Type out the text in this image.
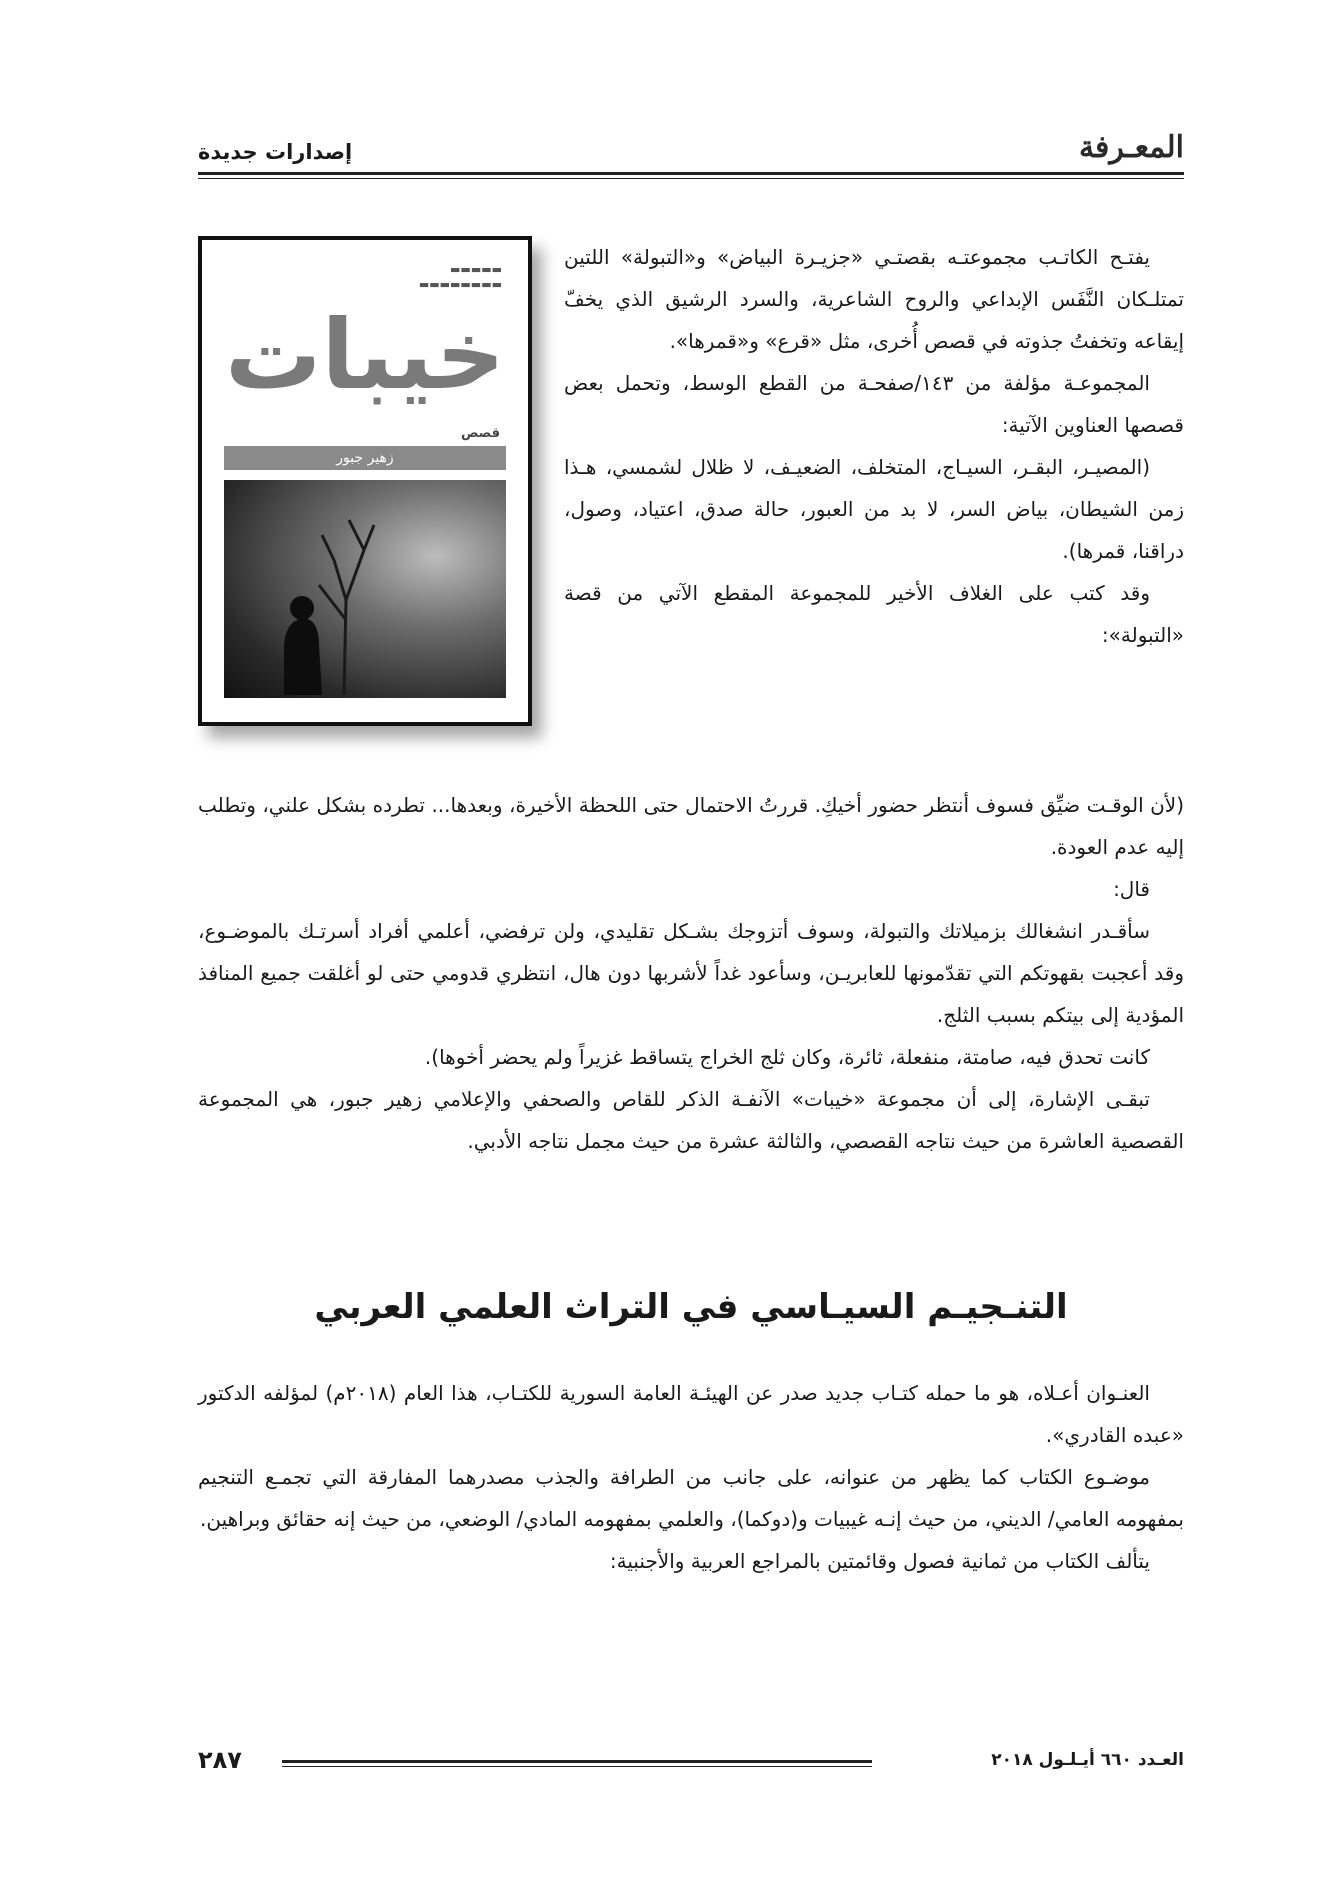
المعـرفة
إصدارات جديدة
▬▬▬▬▬
▬▬▬▬▬▬▬▬
خيبات
قصص
زهير جبور

يفتـح الكاتـب مجموعتـه بقصتـي «جزيـرة البياض» و«التبولة» اللتين تمتلـكان النَّفَس الإبداعي والروح الشاعرية، والسرد الرشيق الذي يخفّ إيقاعه وتخفتُ جذوته في قصص أُخرى، مثل «قرع» و«قمرها».

المجموعـة مؤلفة من ١٤٣/صفحـة من القطع الوسط، وتحمل بعض قصصها العناوين الآتية:

(المصيـر، البقـر، السيـاج، المتخلف، الضعيـف، لا ظلال لشمسي، هـذا زمن الشيطان، بياض السر، لا بد من العبور، حالة صدق، اعتياد، وصول، دراقنا، قمرها).

وقد كتب على الغلاف الأخير للمجموعة المقطع الآتي من قصة «التبولة»:

(لأن الوقـت ضيِّق فسوف أنتظر حضور أخيكِ. قررتُ الاحتمال حتى اللحظة الأخيرة، وبعدها... تطرده بشكل علني، وتطلب إليه عدم العودة.

قال:

سأقـدر انشغالك بزميلاتك والتبولة، وسوف أتزوجك بشـكل تقليدي، ولن ترفضي، أعلمي أفراد أسرتـك بالموضـوع، وقد أعجبت بقهوتكم التي تقدّمونها للعابريـن، وسأعود غداً لأشربها دون هال، انتظري قدومي حتى لو أغلقت جميع المنافذ المؤدية إلى بيتكم بسبب الثلج.

كانت تحدق فيه، صامتة، منفعلة، ثائرة، وكان ثلج الخراج يتساقط غزيراً ولم يحضر أخوها).

تبقـى الإشارة، إلى أن مجموعة «خيبات» الآنفـة الذكر للقاص والصحفي والإعلامي زهير جبور، هي المجموعة القصصية العاشرة من حيث نتاجه القصصي، والثالثة عشرة من حيث مجمل نتاجه الأدبي.

التنـجيـم السيـاسي في التراث العلمي العربي

العنـوان أعـلاه، هو ما حمله كتـاب جديد صدر عن الهيئـة العامة السورية للكتـاب، هذا العام (٢٠١٨م) لمؤلفه الدكتور «عبده القادري».

موضـوع الكتاب كما يظهر من عنوانه، على جانب من الطرافة والجذب مصدرهما المفارقة التي تجمـع التنجيم بمفهومه العامي/ الديني، من حيث إنـه غيبيات و(دوكما)، والعلمي بمفهومه المادي/ الوضعي، من حيث إنه حقائق وبراهين.

يتألف الكتاب من ثمانية فصول وقائمتين بالمراجع العربية والأجنبية:

العـدد ٦٦٠ أيـلـول ٢٠١٨
٢٨٧
